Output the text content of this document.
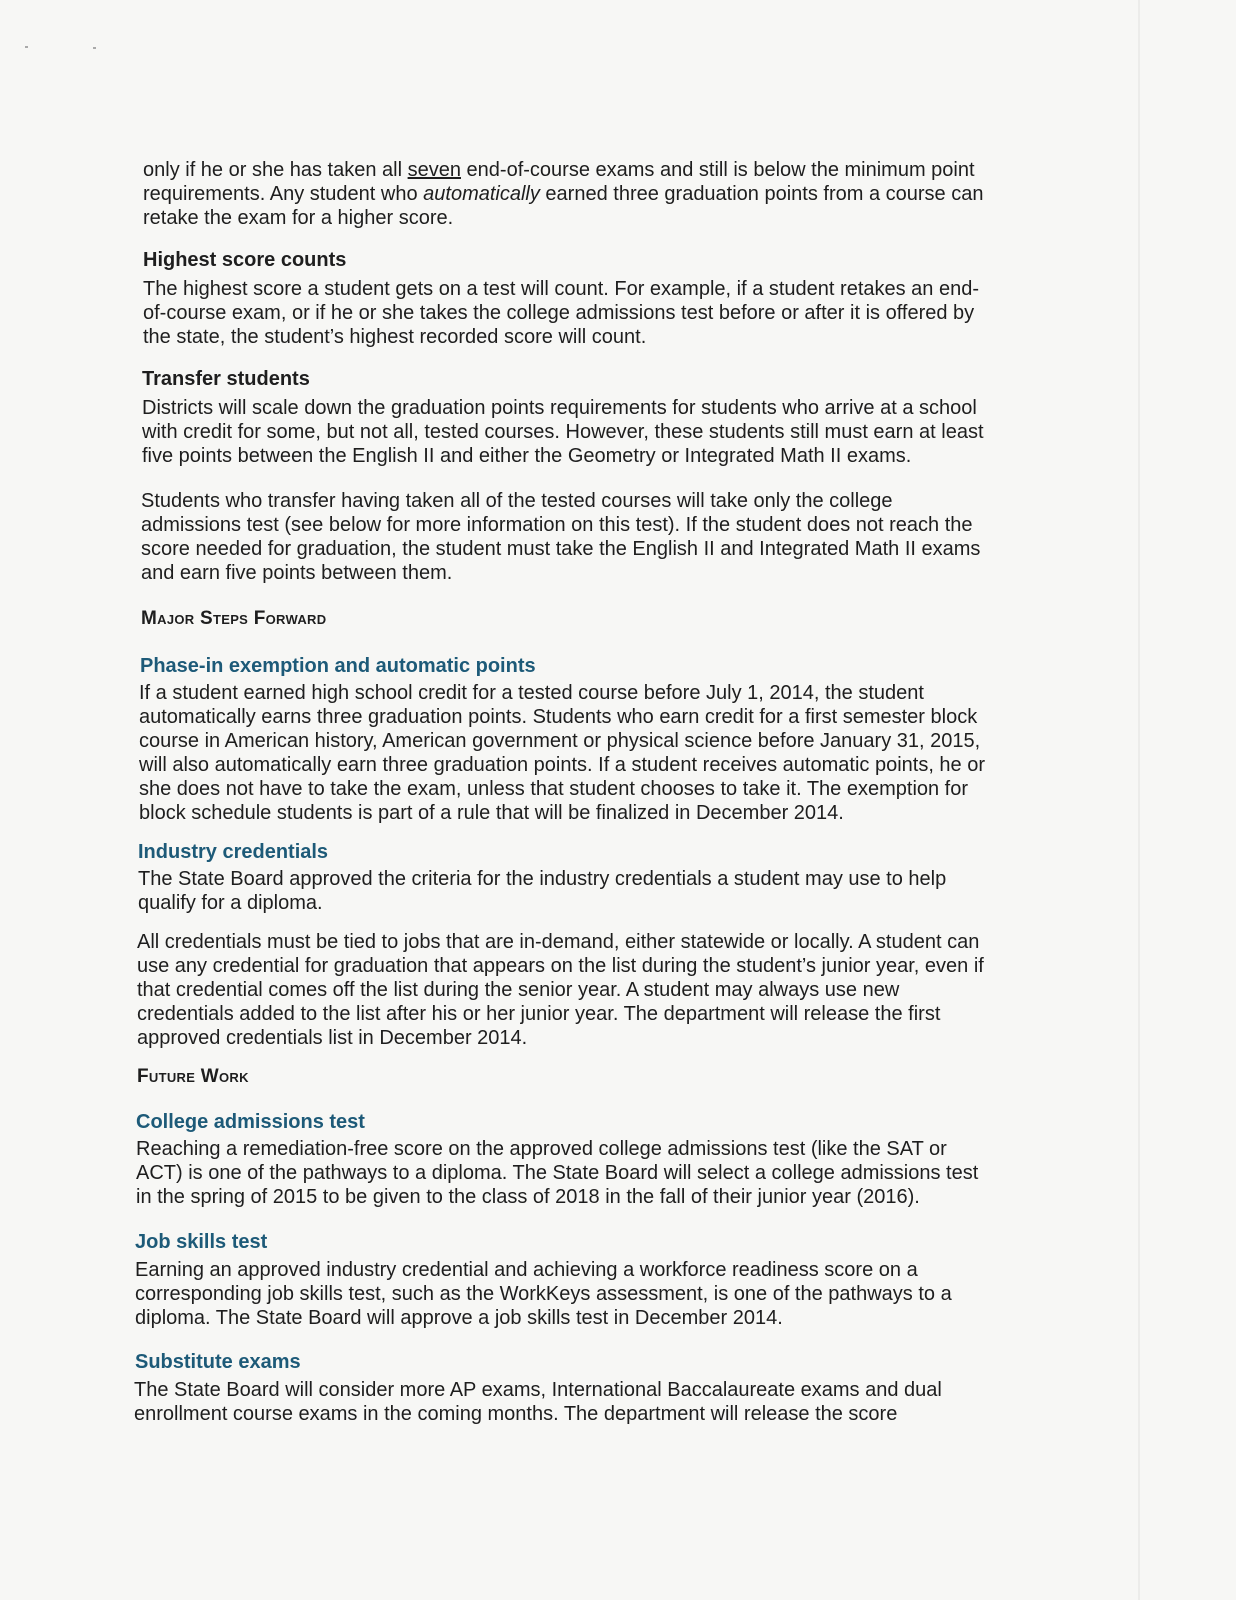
only if he or she has taken all seven end-of-course exams and still is below the minimum point
requirements. Any student who automatically earned three graduation points from a course can
retake the exam for a higher score.
Highest score counts
The highest score a student gets on a test will count. For example, if a student retakes an end-
of-course exam, or if he or she takes the college admissions test before or after it is offered by
the state, the student’s highest recorded score will count.
Transfer students
Districts will scale down the graduation points requirements for students who arrive at a school
with credit for some, but not all, tested courses. However, these students still must earn at least
five points between the English II and either the Geometry or Integrated Math II exams.
Students who transfer having taken all of the tested courses will take only the college
admissions test (see below for more information on this test). If the student does not reach the
score needed for graduation, the student must take the English II and Integrated Math II exams
and earn five points between them.
Major Steps Forward
Phase-in exemption and automatic points
If a student earned high school credit for a tested course before July 1, 2014, the student
automatically earns three graduation points. Students who earn credit for a first semester block
course in American history, American government or physical science before January 31, 2015,
will also automatically earn three graduation points. If a student receives automatic points, he or
she does not have to take the exam, unless that student chooses to take it. The exemption for
block schedule students is part of a rule that will be finalized in December 2014.
Industry credentials
The State Board approved the criteria for the industry credentials a student may use to help
qualify for a diploma.
All credentials must be tied to jobs that are in-demand, either statewide or locally. A student can
use any credential for graduation that appears on the list during the student’s junior year, even if
that credential comes off the list during the senior year. A student may always use new
credentials added to the list after his or her junior year. The department will release the first
approved credentials list in December 2014.
Future Work
College admissions test
Reaching a remediation-free score on the approved college admissions test (like the SAT or
ACT) is one of the pathways to a diploma. The State Board will select a college admissions test
in the spring of 2015 to be given to the class of 2018 in the fall of their junior year (2016).
Job skills test
Earning an approved industry credential and achieving a workforce readiness score on a
corresponding job skills test, such as the WorkKeys assessment, is one of the pathways to a
diploma. The State Board will approve a job skills test in December 2014.
Substitute exams
The State Board will consider more AP exams, International Baccalaureate exams and dual
enrollment course exams in the coming months. The department will release the score
